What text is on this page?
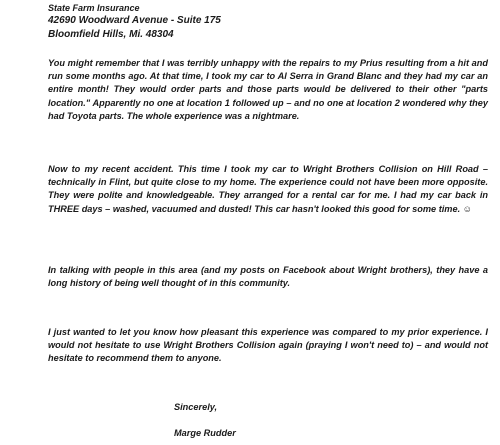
State Farm Insurance
42690 Woodward Avenue - Suite 175
Bloomfield Hills, Mi. 48304

You might remember that I was terribly unhappy with the repairs to my Prius resulting from a hit and run some months ago. At that time, I took my car to Al Serra in Grand Blanc and they had my car an entire month! They would order parts and those parts would be delivered to their other "parts location." Apparently no one at location 1 followed up – and no one at location 2 wondered why they had Toyota parts. The whole experience was a nightmare.

Now to my recent accident. This time I took my car to Wright Brothers Collision on Hill Road – technically in Flint, but quite close to my home. The experience could not have been more opposite. They were polite and knowledgeable. They arranged for a rental car for me. I had my car back in THREE days – washed, vacuumed and dusted! This car hasn't looked this good for some time. ☺

In talking with people in this area (and my posts on Facebook about Wright brothers), they have a long history of being well thought of in this community.

I just wanted to let you know how pleasant this experience was compared to my prior experience. I would not hesitate to use Wright Brothers Collision again (praying I won't need to) – and would not hesitate to recommend them to anyone.

Sincerely,
Marge Rudder
